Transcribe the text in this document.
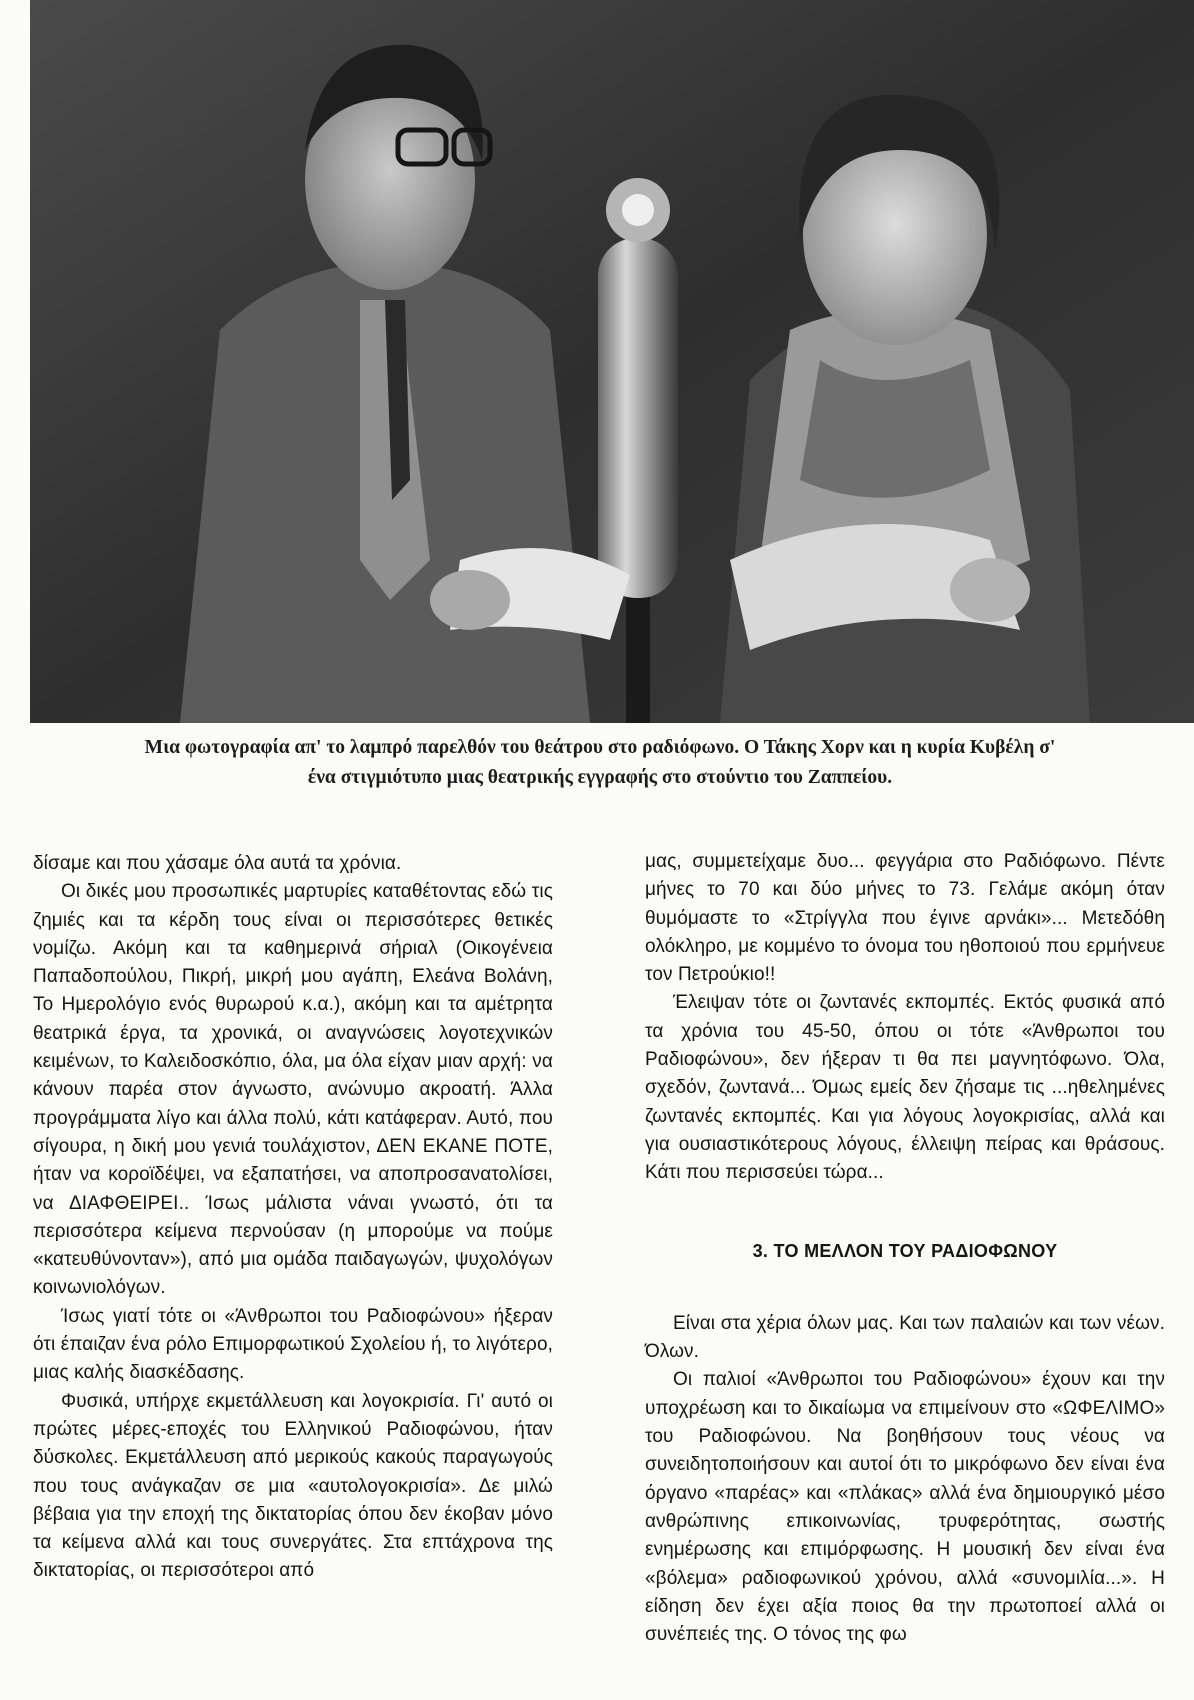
Μια φωτογραφία απ' το λαμπρό παρελθόν του θεάτρου στο ραδιόφωνο. Ο Τάκης Χορν και η κυρία Κυβέλη σ'

ένα στιγμιότυπο μιας θεατρικής εγγραφής στο στούντιο του Ζαππείου.

δίσαμε και που χάσαμε όλα αυτά τα χρόνια.

Οι δικές μου προσωπικές μαρτυρίες καταθέτοντας εδώ τις ζημιές και τα κέρδη τους είναι οι περισσότερες θετικές νομίζω. Ακόμη και τα καθημερινά σήριαλ (Οικογένεια Παπαδοπούλου, Πικρή, μικρή μου αγάπη, Ελεάνα Βολάνη, Το Ημερολόγιο ενός θυρωρού κ.α.), ακόμη και τα αμέτρητα θεατρικά έργα, τα χρονικά, οι αναγνώσεις λογοτεχνικών κειμένων, το Καλειδοσκόπιο, όλα, μα όλα είχαν μιαν αρχή: να κάνουν παρέα στον άγνωστο, ανώνυμο ακροατή. Άλλα προγράμματα λίγο και άλλα πολύ, κάτι κατάφεραν. Αυτό, που σίγουρα, η δική μου γενιά τουλάχιστον, ΔΕΝ ΕΚΑΝΕ ΠΟΤΕ, ήταν να κοροϊδέψει, να εξαπατήσει, να αποπροσανατολίσει, να ΔΙΑΦΘΕΙΡΕΙ.. Ίσως μάλιστα νάναι γνωστό, ότι τα περισσότερα κείμενα περνούσαν (η μπορούμε να πούμε «κατευθύνονταν»), από μια ομάδα παιδαγωγών, ψυχολόγων κοινωνιολόγων.

Ίσως γιατί τότε οι «Άνθρωποι του Ραδιοφώνου» ήξεραν ότι έπαιζαν ένα ρόλο Επιμορφωτικού Σχολείου ή, το λιγότερο, μιας καλής διασκέδασης.

Φυσικά, υπήρχε εκμετάλλευση και λογοκρισία. Γι' αυτό οι πρώτες μέρες-εποχές του Ελληνικού Ραδιοφώνου, ήταν δύσκολες. Εκμετάλλευση από μερικούς κακούς παραγωγούς που τους ανάγκαζαν σε μια «αυτολογοκρισία». Δε μιλώ βέβαια για την εποχή της δικτατορίας όπου δεν έκοβαν μόνο τα κείμενα αλλά και τους συνεργάτες. Στα επτάχρονα της δικτατορίας, οι περισσότεροι από

μας, συμμετείχαμε δυο... φεγγάρια στο Ραδιόφωνο. Πέντε μήνες το 70 και δύο μήνες το 73. Γελάμε ακόμη όταν θυμόμαστε το «Στρίγγλα που έγινε αρνάκι»... Μετεδόθη ολόκληρο, με κομμένο το όνομα του ηθοποιού που ερμήνευε τον Πετρούκιο!!

Έλειψαν τότε οι ζωντανές εκπομπές. Εκτός φυσικά από τα χρόνια του 45-50, όπου οι τότε «Άνθρωποι του Ραδιοφώνου», δεν ήξεραν τι θα πει μαγνητόφωνο. Όλα, σχεδόν, ζωντανά... Όμως εμείς δεν ζήσαμε τις ...ηθελημένες ζωντανές εκπομπές. Και για λόγους λογοκρισίας, αλλά και για ουσιαστικότερους λόγους, έλλειψη πείρας και θράσους. Κάτι που περισσεύει τώρα...

3. ΤΟ ΜΕΛΛΟΝ ΤΟΥ ΡΑΔΙΟΦΩΝΟΥ

Είναι στα χέρια όλων μας. Και των παλαιών και των νέων. Όλων.

Οι παλιοί «Άνθρωποι του Ραδιοφώνου» έχουν και την υποχρέωση και το δικαίωμα να επιμείνουν στο «ΩΦΕΛΙΜΟ» του Ραδιοφώνου. Να βοηθήσουν τους νέους να συνειδητοποιήσουν και αυτοί ότι το μικρόφωνο δεν είναι ένα όργανο «παρέας» και «πλάκας» αλλά ένα δημιουργικό μέσο ανθρώπινης επικοινωνίας, τρυφερότητας, σωστής ενημέρωσης και επιμόρφωσης. Η μουσική δεν είναι ένα «βόλεμα» ραδιοφωνικού χρόνου, αλλά «συνομιλία...». Η είδηση δεν έχει αξία ποιος θα την πρωτοποεί αλλά οι συνέπειές της. Ο τόνος της φω
